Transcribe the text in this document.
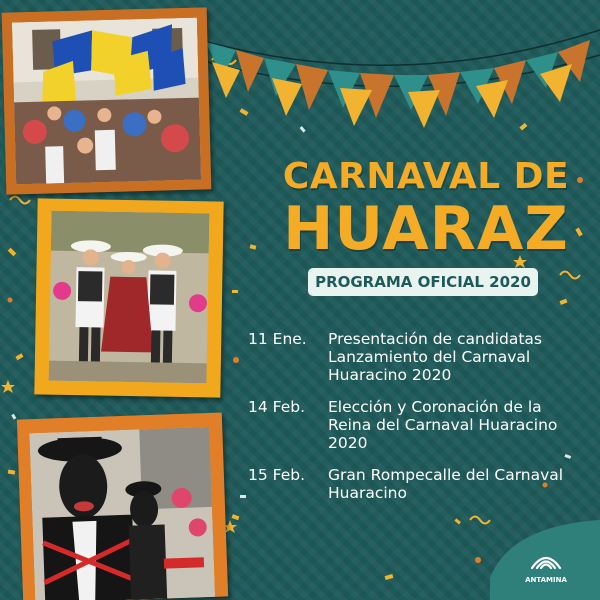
CARNAVAL DE
HUARAZ
PROGRAMA OFICIAL 2020
11 Ene.	Presentación de candidatas
Lanzamiento del Carnaval
Huaracino 2020
14 Feb.	Elección y Coronación de la
Reina del Carnaval Huaracino
2020
15 Feb.	Gran Rompecalle del Carnaval
Huaracino
ANTAMINA
